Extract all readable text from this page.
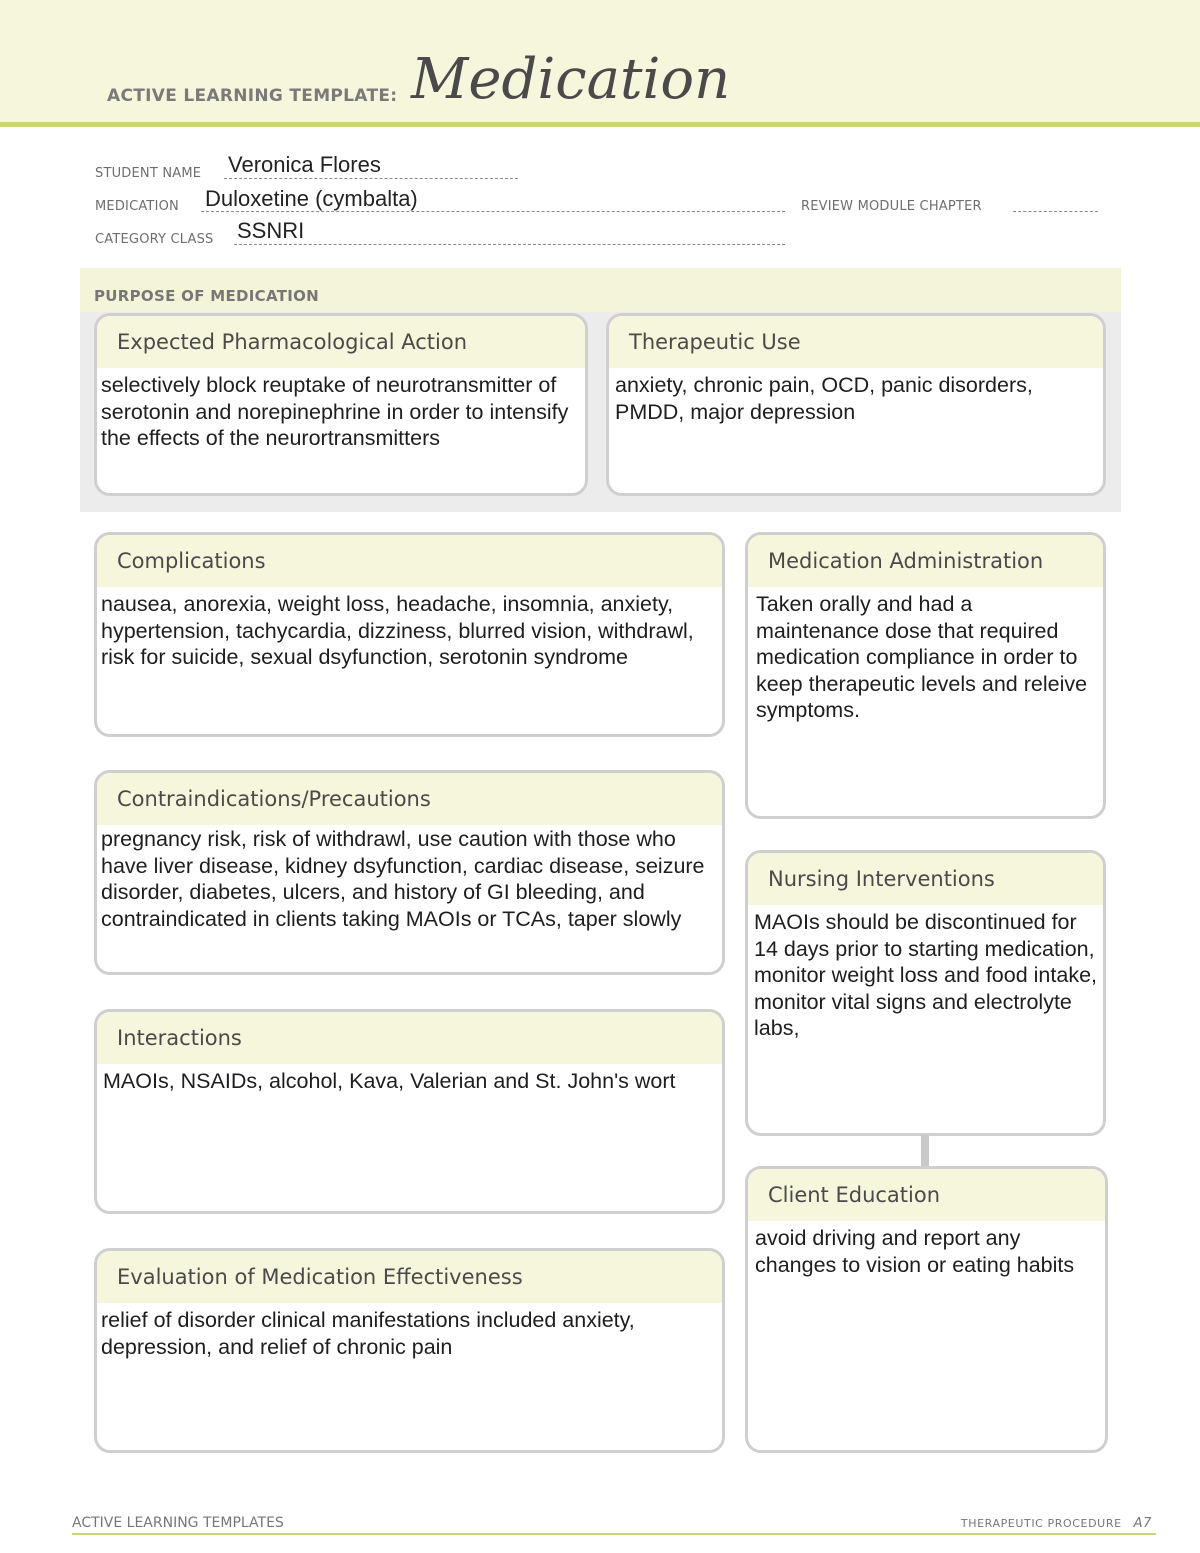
ACTIVE LEARNING TEMPLATE: Medication
STUDENT NAME Veronica Flores
MEDICATION Duloxetine (cymbalta)	REVIEW MODULE CHAPTER
CATEGORY CLASS SSNRI
PURPOSE OF MEDICATION
Expected Pharmacological Action
selectively block reuptake of neurotransmitter of serotonin and norepinephrine in order to intensify the effects of the neurortransmitters
Therapeutic Use
anxiety, chronic pain, OCD, panic disorders, PMDD, major depression
Complications
nausea, anorexia, weight loss, headache, insomnia, anxiety, hypertension, tachycardia, dizziness, blurred vision, withdrawl, risk for suicide, sexual dsyfunction, serotonin syndrome
Contraindications/Precautions
pregnancy risk, risk of withdrawl, use caution with those who have liver disease, kidney dsyfunction, cardiac disease, seizure disorder, diabetes, ulcers, and history of GI bleeding, and contraindicated in clients taking MAOIs or TCAs, taper slowly
Interactions
MAOIs, NSAIDs, alcohol, Kava, Valerian and St. John's wort
Evaluation of Medication Effectiveness
relief of disorder clinical manifestations included anxiety, depression, and relief of chronic pain
Medication Administration
Taken orally and had a maintenance dose that required medication compliance in order to keep therapeutic levels and releive symptoms.
Nursing Interventions
MAOIs should be discontinued for 14 days prior to starting medication, monitor weight loss and food intake, monitor vital signs and electrolyte labs,
Client Education
avoid driving and report any changes to vision or eating habits
ACTIVE LEARNING TEMPLATES	THERAPEUTIC PROCEDURE A7
